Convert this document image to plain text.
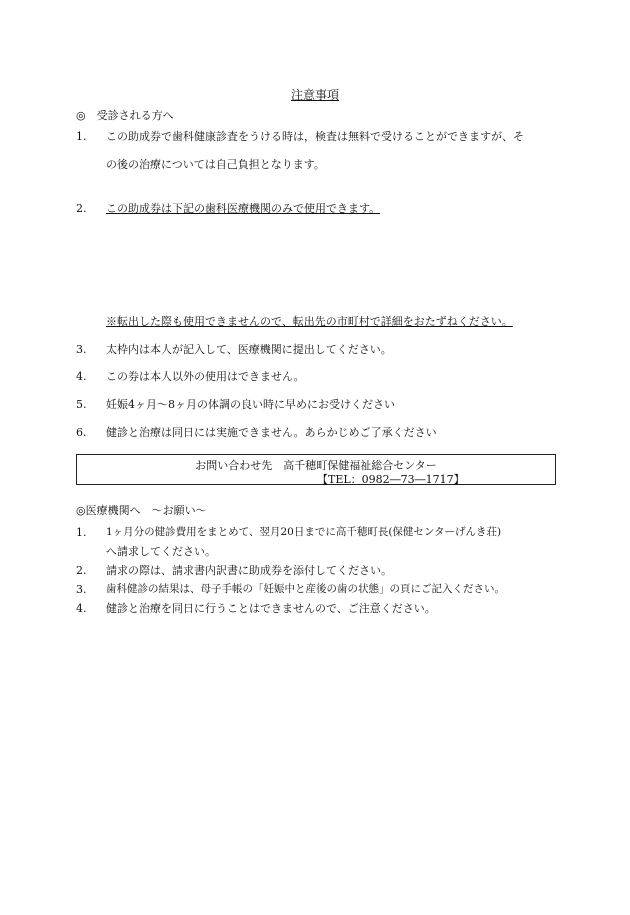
注意事項
◎　受診される方へ
1. この助成券で歯科健康診査をうける時は，検査は無料で受けることができますが、そ
の後の治療については自己負担となります。
2. この助成券は下記の歯科医療機関のみで使用できます。
※転出した際も使用できませんので、転出先の市町村で詳細をおたずねください。
3. 太枠内は本人が記入して、医療機関に提出してください。
4. この券は本人以外の使用はできません。
5. 妊娠4ヶ月〜8ヶ月の体調の良い時に早めにお受けください
6. 健診と治療は同日には実施できません。あらかじめご了承ください
お問い合わせ先　高千穂町保健福祉総合センター
【TEL：0982―73―1717】
◎医療機関へ　〜お願い〜
1. 1ヶ月分の健診費用をまとめて、翌月20日までに高千穂町長(保健センターげんき荘)
へ請求してください。
2. 請求の際は、請求書内訳書に助成券を添付してください。
3. 歯科健診の結果は、母子手帳の「妊娠中と産後の歯の状態」の頁にご記入ください。
4. 健診と治療を同日に行うことはできませんので、ご注意ください。
